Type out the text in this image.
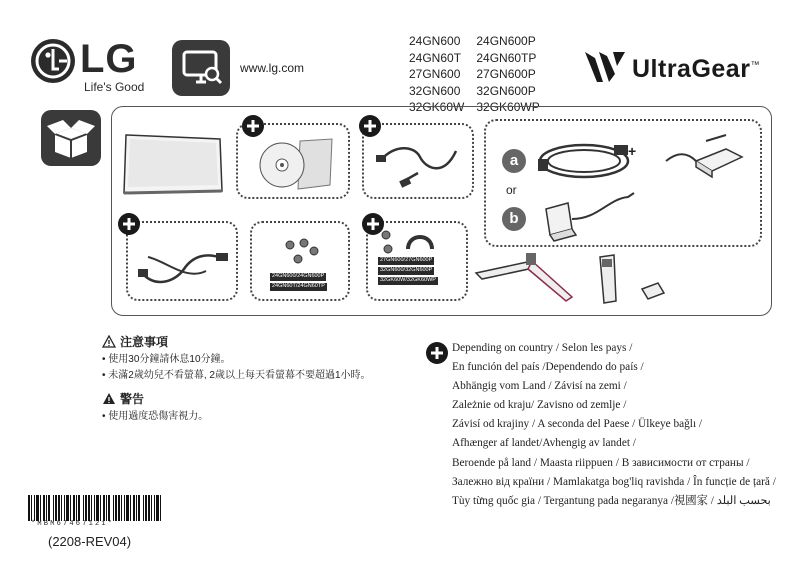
LG
Life's Good
www.lg.com
24GN600	24GN600P
24GN60T	24GN60TP
27GN600	27GN600P
32GN600	32GN600P
32GK60W	32GK60WP
UltraGear™
a
or
b
+
24GN600/24GN600P
24GN60T/24GN60TP
27GN600/27GN600P
32GN600/32GN600P
32GK60W/32GK60WP
注意事項
• 使用30分鐘請休息10分鐘。
• 未滿2歲幼兒不看螢幕, 2歲以上每天看螢幕不要超過1小時。
警告
• 使用過度恐傷害視力。
Depending on country / Selon les pays /
En función del país /Dependendo do país /
Abhängig vom Land / Závisí na zemi /
Zależnie od kraju/ Zavisno od zemlje /
Závisí od krajiny / A seconda del Paese / Ülkeye bağlı /
Afhænger af landet/Avhengig av landet /
Beroende på land / Maasta riippuen / В зависимости от страны /
Залежно від країни / Mamlakatga bog'liq ravishda / În funcție de țară /
Tùy từng quốc gia / Tergantung pada negaranya /視國家 / بحسب البلد
*MBM67467121*
(2208-REV04)
